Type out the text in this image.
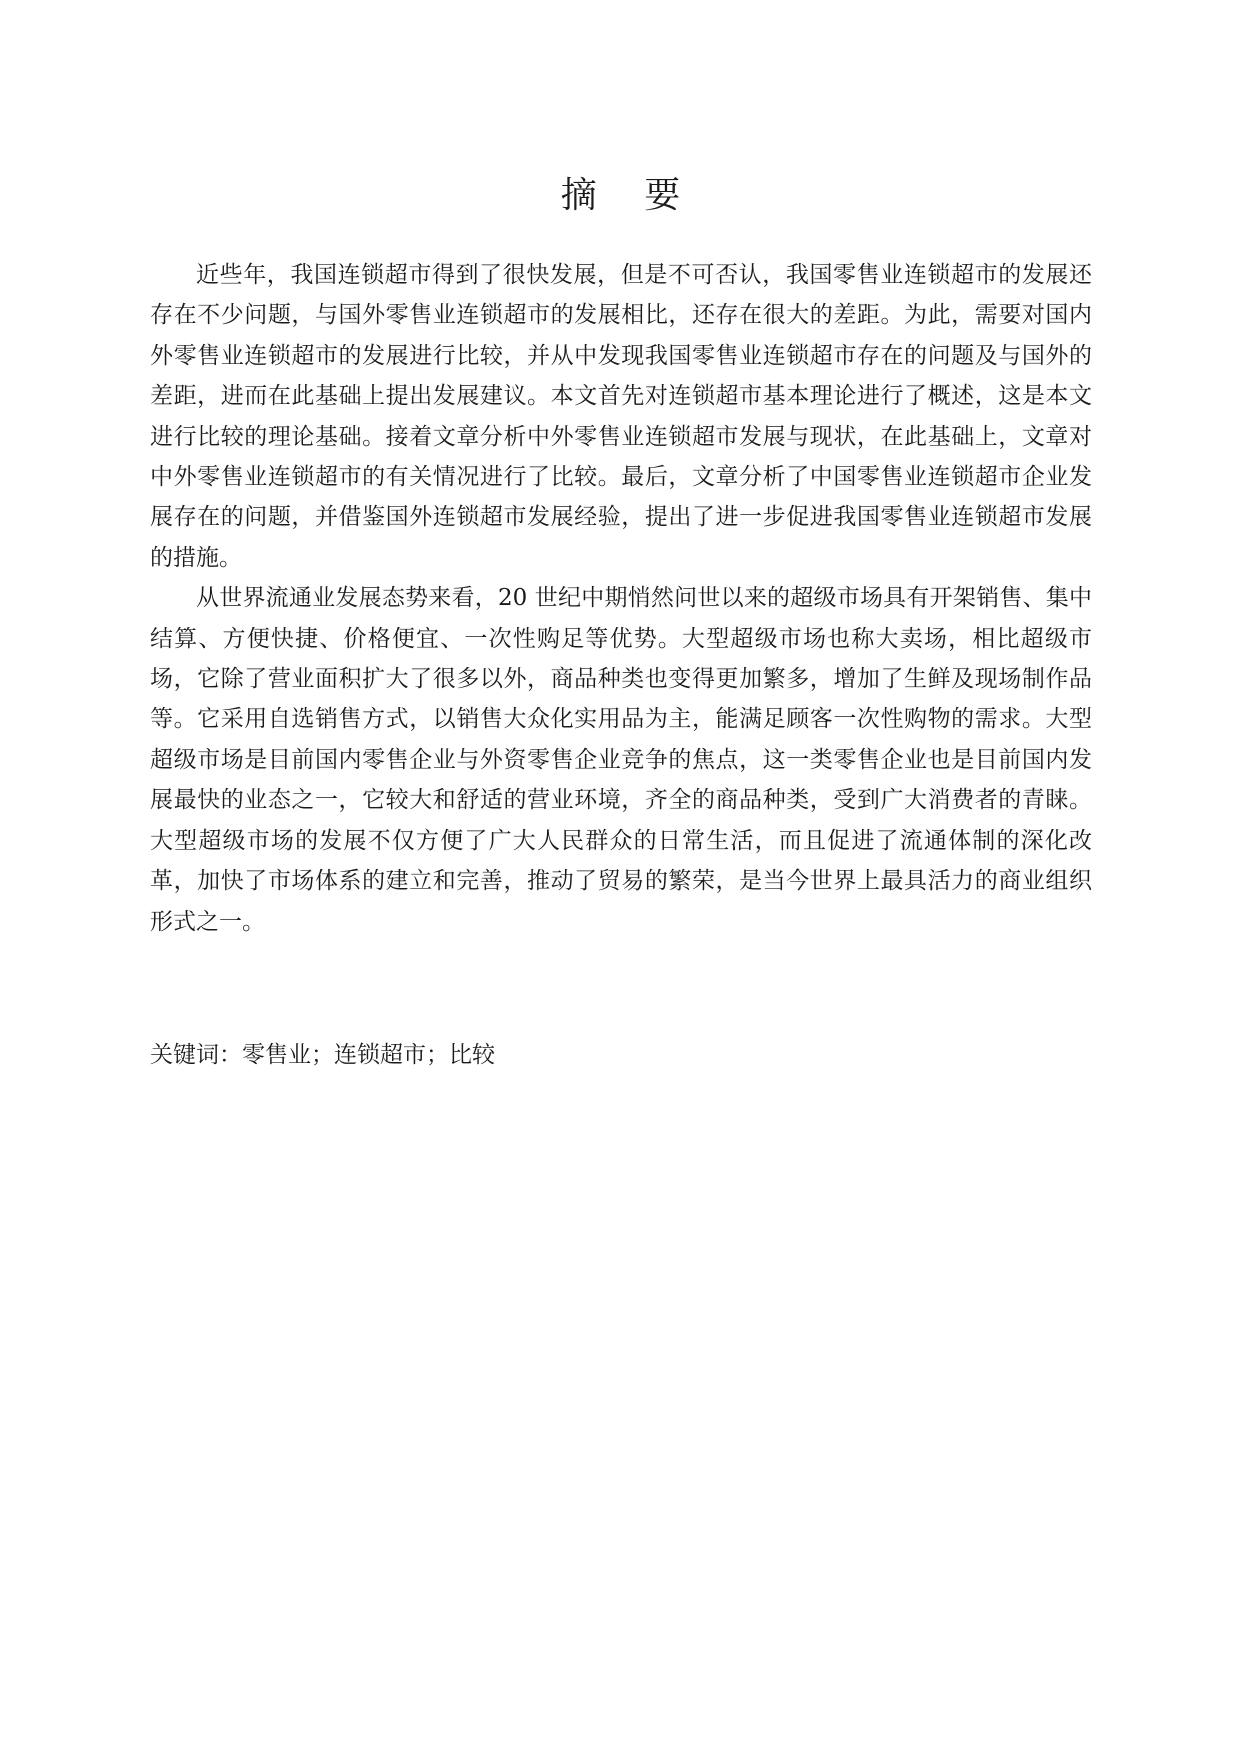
摘 要

近些年，我国连锁超市得到了很快发展，但是不可否认，我国零售业连锁超市的发展还存在不少问题，与国外零售业连锁超市的发展相比，还存在很大的差距。为此，需要对国内外零售业连锁超市的发展进行比较，并从中发现我国零售业连锁超市存在的问题及与国外的差距，进而在此基础上提出发展建议。本文首先对连锁超市基本理论进行了概述，这是本文进行比较的理论基础。接着文章分析中外零售业连锁超市发展与现状，在此基础上，文章对中外零售业连锁超市的有关情况进行了比较。最后，文章分析了中国零售业连锁超市企业发展存在的问题，并借鉴国外连锁超市发展经验，提出了进一步促进我国零售业连锁超市发展的措施。

从世界流通业发展态势来看，20 世纪中期悄然问世以来的超级市场具有开架销售、集中结算、方便快捷、价格便宜、一次性购足等优势。大型超级市场也称大卖场，相比超级市场，它除了营业面积扩大了很多以外，商品种类也变得更加繁多，增加了生鲜及现场制作品等。它采用自选销售方式，以销售大众化实用品为主，能满足顾客一次性购物的需求。大型超级市场是目前国内零售企业与外资零售企业竞争的焦点，这一类零售企业也是目前国内发展最快的业态之一，它较大和舒适的营业环境，齐全的商品种类，受到广大消费者的青睐。大型超级市场的发展不仅方便了广大人民群众的日常生活，而且促进了流通体制的深化改革，加快了市场体系的建立和完善，推动了贸易的繁荣，是当今世界上最具活力的商业组织形式之一。

关键词：零售业；连锁超市；比较
